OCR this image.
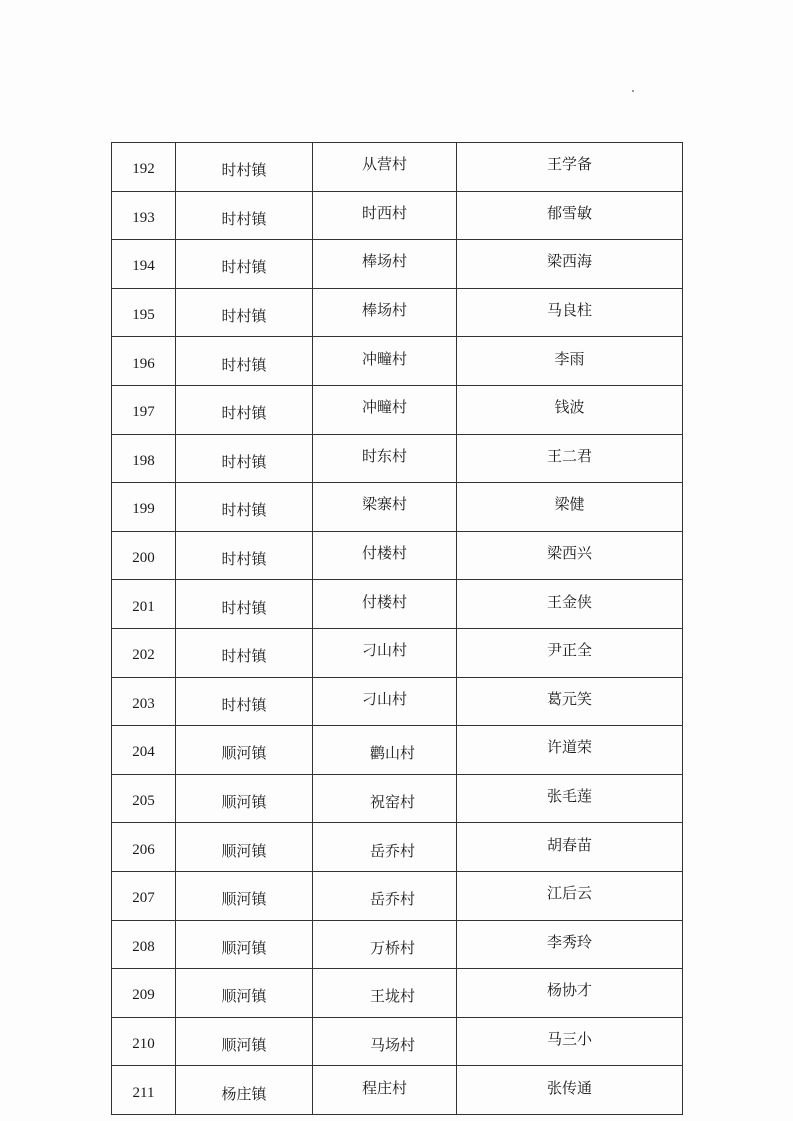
192	时村镇	从营村	王学备
193	时村镇	时西村	郁雪敏
194	时村镇	棒场村	梁西海
195	时村镇	棒场村	马良柱
196	时村镇	冲疃村	李雨
197	时村镇	冲疃村	钱波
198	时村镇	时东村	王二君
199	时村镇	梁寨村	梁健
200	时村镇	付楼村	梁西兴
201	时村镇	付楼村	王金侠
202	时村镇	刁山村	尹正全
203	时村镇	刁山村	葛元笑
204	顺河镇	鹳山村	许道荣
205	顺河镇	祝窑村	张毛莲
206	顺河镇	岳乔村	胡春苗
207	顺河镇	岳乔村	江后云
208	顺河镇	万桥村	李秀玲
209	顺河镇	王垅村	杨协才
210	顺河镇	马场村	马三小
211	杨庄镇	程庄村	张传通
